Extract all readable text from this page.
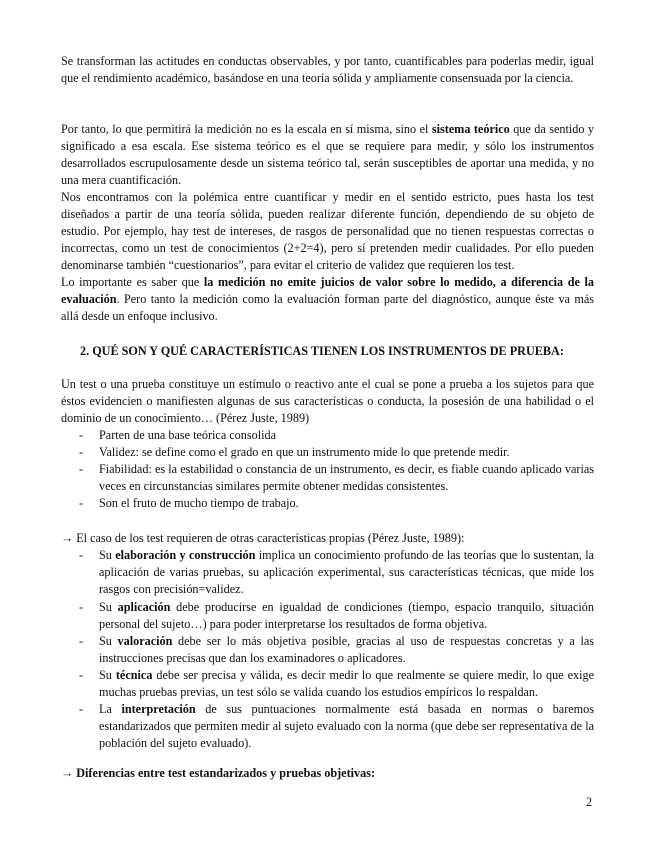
Se transforman las actitudes en conductas observables, y por tanto, cuantificables para poderlas medir, igual que el rendimiento académico, basándose en una teoría sólida y ampliamente consensuada por la ciencia.

Por tanto, lo que permitirá la medición no es la escala en sí misma, sino el sistema teórico que da sentido y significado a esa escala. Ese sistema teórico es el que se requiere para medir, y sólo los instrumentos desarrollados escrupulosamente desde un sistema teórico tal, serán susceptibles de aportar una medida, y no una mera cuantificación.

Nos encontramos con la polémica entre cuantificar y medir en el sentido estricto, pues hasta los test diseñados a partir de una teoría sólida, pueden realizar diferente función, dependiendo de su objeto de estudio. Por ejemplo, hay test de intereses, de rasgos de personalidad que no tienen respuestas correctas o incorrectas, como un test de conocimientos (2+2=4), pero sí pretenden medir cualidades. Por ello pueden denominarse también “cuestionarios”, para evitar el criterio de validez que requieren los test.

Lo importante es saber que la medición no emite juicios de valor sobre lo medido, a diferencia de la evaluación. Pero tanto la medición como la evaluación forman parte del diagnóstico, aunque éste va más allá desde un enfoque inclusivo.

2. QUÉ SON Y QUÉ CARACTERÍSTICAS TIENEN LOS INSTRUMENTOS DE PRUEBA:

Un test o una prueba constituye un estímulo o reactivo ante el cual se pone a prueba a los sujetos para que éstos evidencien o manifiesten algunas de sus características o conducta, la posesión de una habilidad o el dominio de un conocimiento… (Pérez Juste, 1989)

- Parten de una base teórica consolida

- Validez: se define como el grado en que un instrumento mide lo que pretende medir.

- Fiabilidad: es la estabilidad o constancia de un instrumento, es decir, es fiable cuando aplicado varias veces en circunstancias similares permite obtener medidas consistentes.

- Son el fruto de mucho tiempo de trabajo.

→ El caso de los test requieren de otras características propias (Pérez Juste, 1989):

- Su elaboración y construcción implica un conocimiento profundo de las teorías que lo sustentan, la aplicación de varias pruebas, su aplicación experimental, sus características técnicas, que mide los rasgos con precisión=validez.

- Su aplicación debe producirse en igualdad de condiciones (tiempo, espacio tranquilo, situación personal del sujeto…) para poder interpretarse los resultados de forma objetiva.

- Su valoración debe ser lo más objetiva posible, gracias al uso de respuestas concretas y a las instrucciones precisas que dan los examinadores o aplicadores.

- Su técnica debe ser precisa y válida, es decir medir lo que realmente se quiere medir, lo que exige muchas pruebas previas, un test sólo se valida cuando los estudios empíricos lo respaldan.

- La interpretación de sus puntuaciones normalmente está basada en normas o baremos estandarizados que permiten medir al sujeto evaluado con la norma (que debe ser representativa de la población del sujeto evaluado).

→ Diferencias entre test estandarizados y pruebas objetivas:

2
